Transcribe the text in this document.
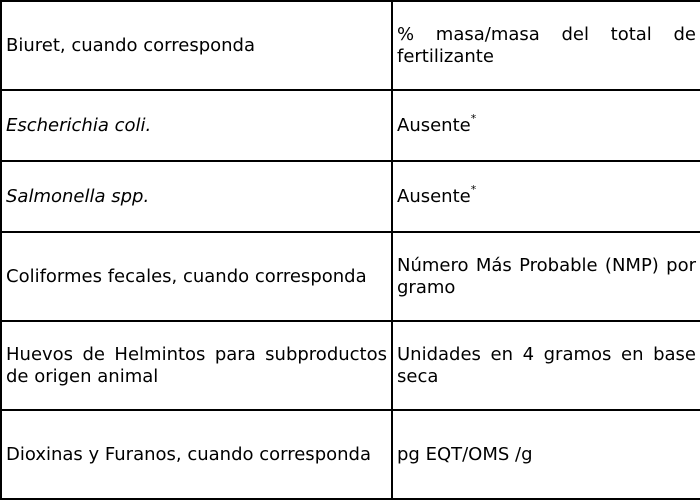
Biuret, cuando corresponda	% masa/masa del total de fertilizante
Escherichia coli.	Ausente*
Salmonella spp.	Ausente*
Coliformes fecales, cuando corresponda	Número Más Probable (NMP) por gramo
Huevos de Helmintos para subproductos de origen animal	Unidades en 4 gramos en base seca
Dioxinas y Furanos, cuando corresponda	pg EQT/OMS /g
